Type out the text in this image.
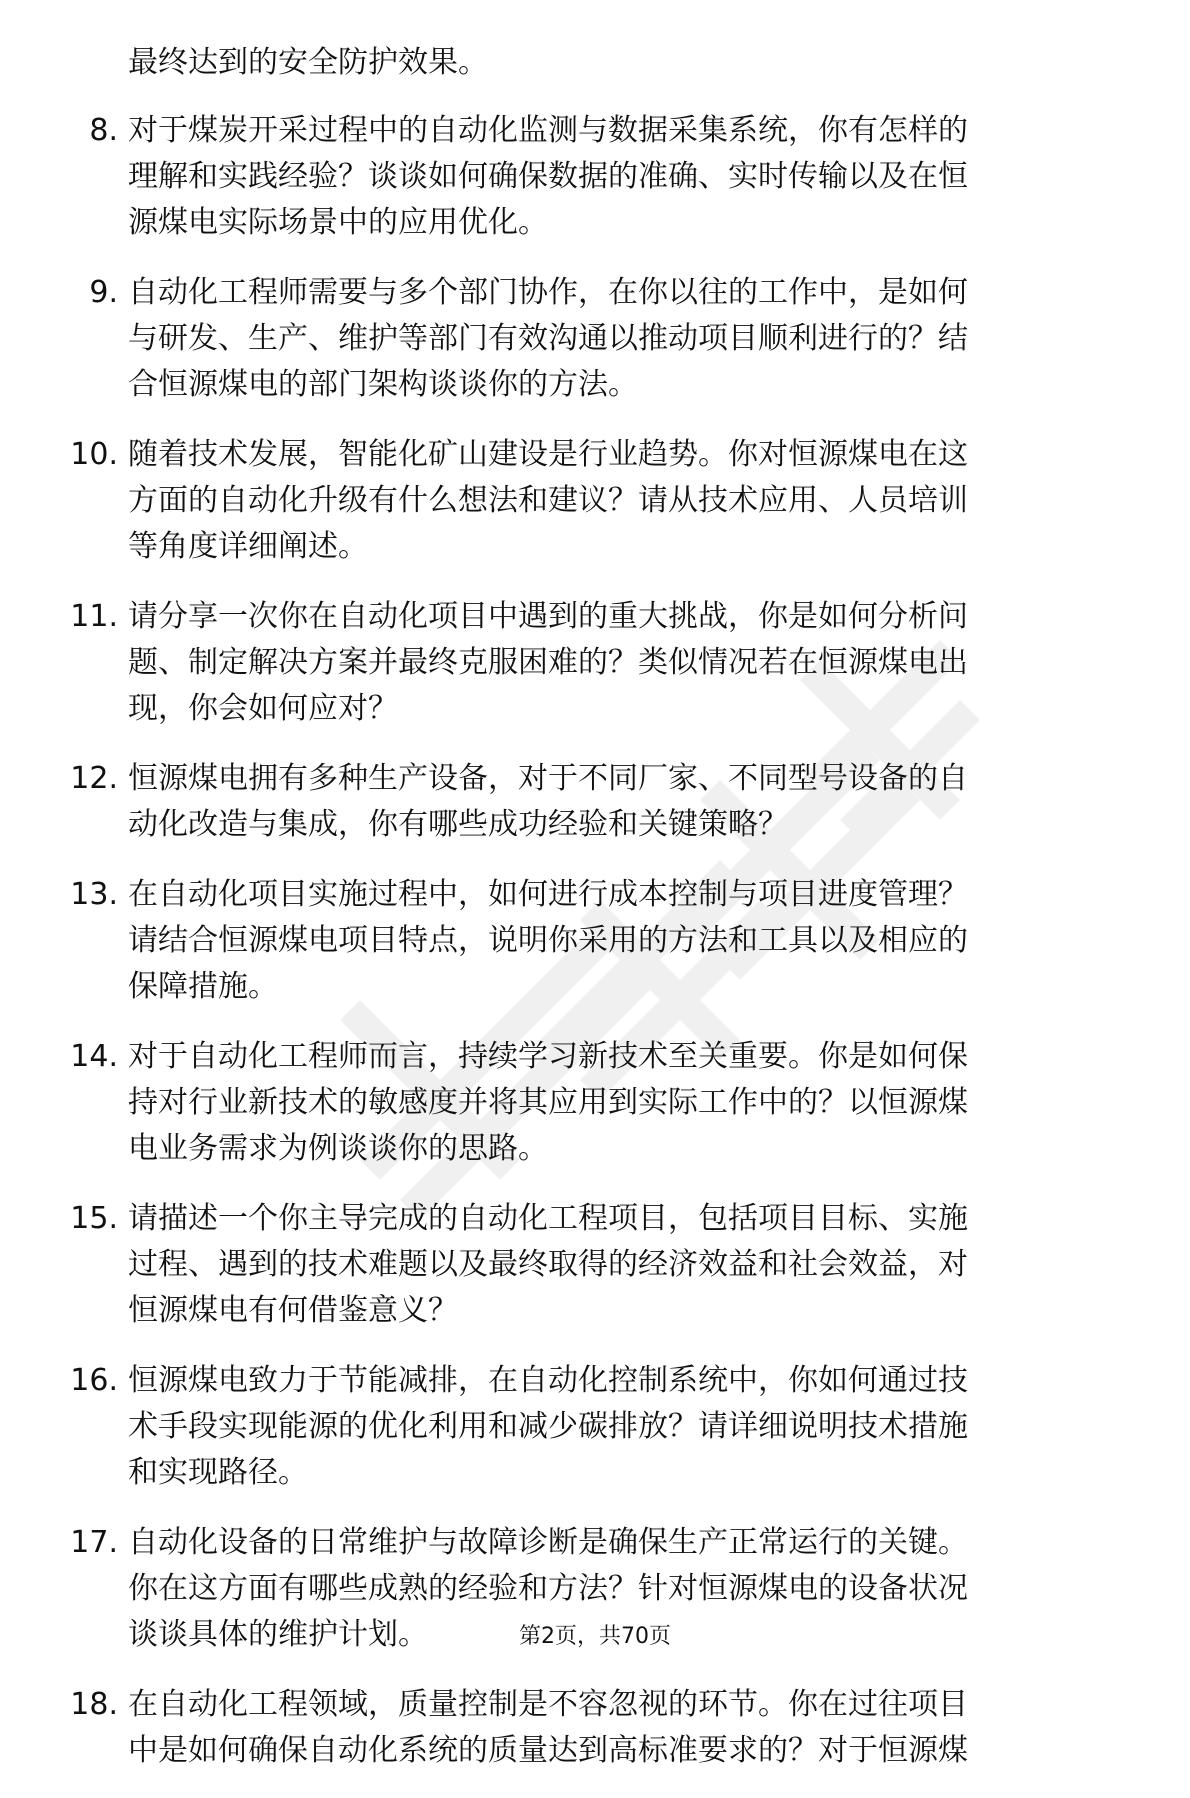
最终达到的安全防护效果。
8. 对于煤炭开采过程中的自动化监测与数据采集系统，你有怎样的
理解和实践经验？谈谈如何确保数据的准确、实时传输以及在恒
源煤电实际场景中的应用优化。
9. 自动化工程师需要与多个部门协作，在你以往的工作中，是如何
与研发、生产、维护等部门有效沟通以推动项目顺利进行的？结
合恒源煤电的部门架构谈谈你的方法。
10. 随着技术发展，智能化矿山建设是行业趋势。你对恒源煤电在这
方面的自动化升级有什么想法和建议？请从技术应用、人员培训
等角度详细阐述。
11. 请分享一次你在自动化项目中遇到的重大挑战，你是如何分析问
题、制定解决方案并最终克服困难的？类似情况若在恒源煤电出
现，你会如何应对？
12. 恒源煤电拥有多种生产设备，对于不同厂家、不同型号设备的自
动化改造与集成，你有哪些成功经验和关键策略？
13. 在自动化项目实施过程中，如何进行成本控制与项目进度管理？
请结合恒源煤电项目特点，说明你采用的方法和工具以及相应的
保障措施。
14. 对于自动化工程师而言，持续学习新技术至关重要。你是如何保
持对行业新技术的敏感度并将其应用到实际工作中的？以恒源煤
电业务需求为例谈谈你的思路。
15. 请描述一个你主导完成的自动化工程项目，包括项目目标、实施
过程、遇到的技术难题以及最终取得的经济效益和社会效益，对
恒源煤电有何借鉴意义？
16. 恒源煤电致力于节能减排，在自动化控制系统中，你如何通过技
术手段实现能源的优化利用和减少碳排放？请详细说明技术措施
和实现路径。
17. 自动化设备的日常维护与故障诊断是确保生产正常运行的关键。
你在这方面有哪些成熟的经验和方法？针对恒源煤电的设备状况
谈谈具体的维护计划。
18. 在自动化工程领域，质量控制是不容忽视的环节。你在过往项目
中是如何确保自动化系统的质量达到高标准要求的？对于恒源煤
第2页，共70页
